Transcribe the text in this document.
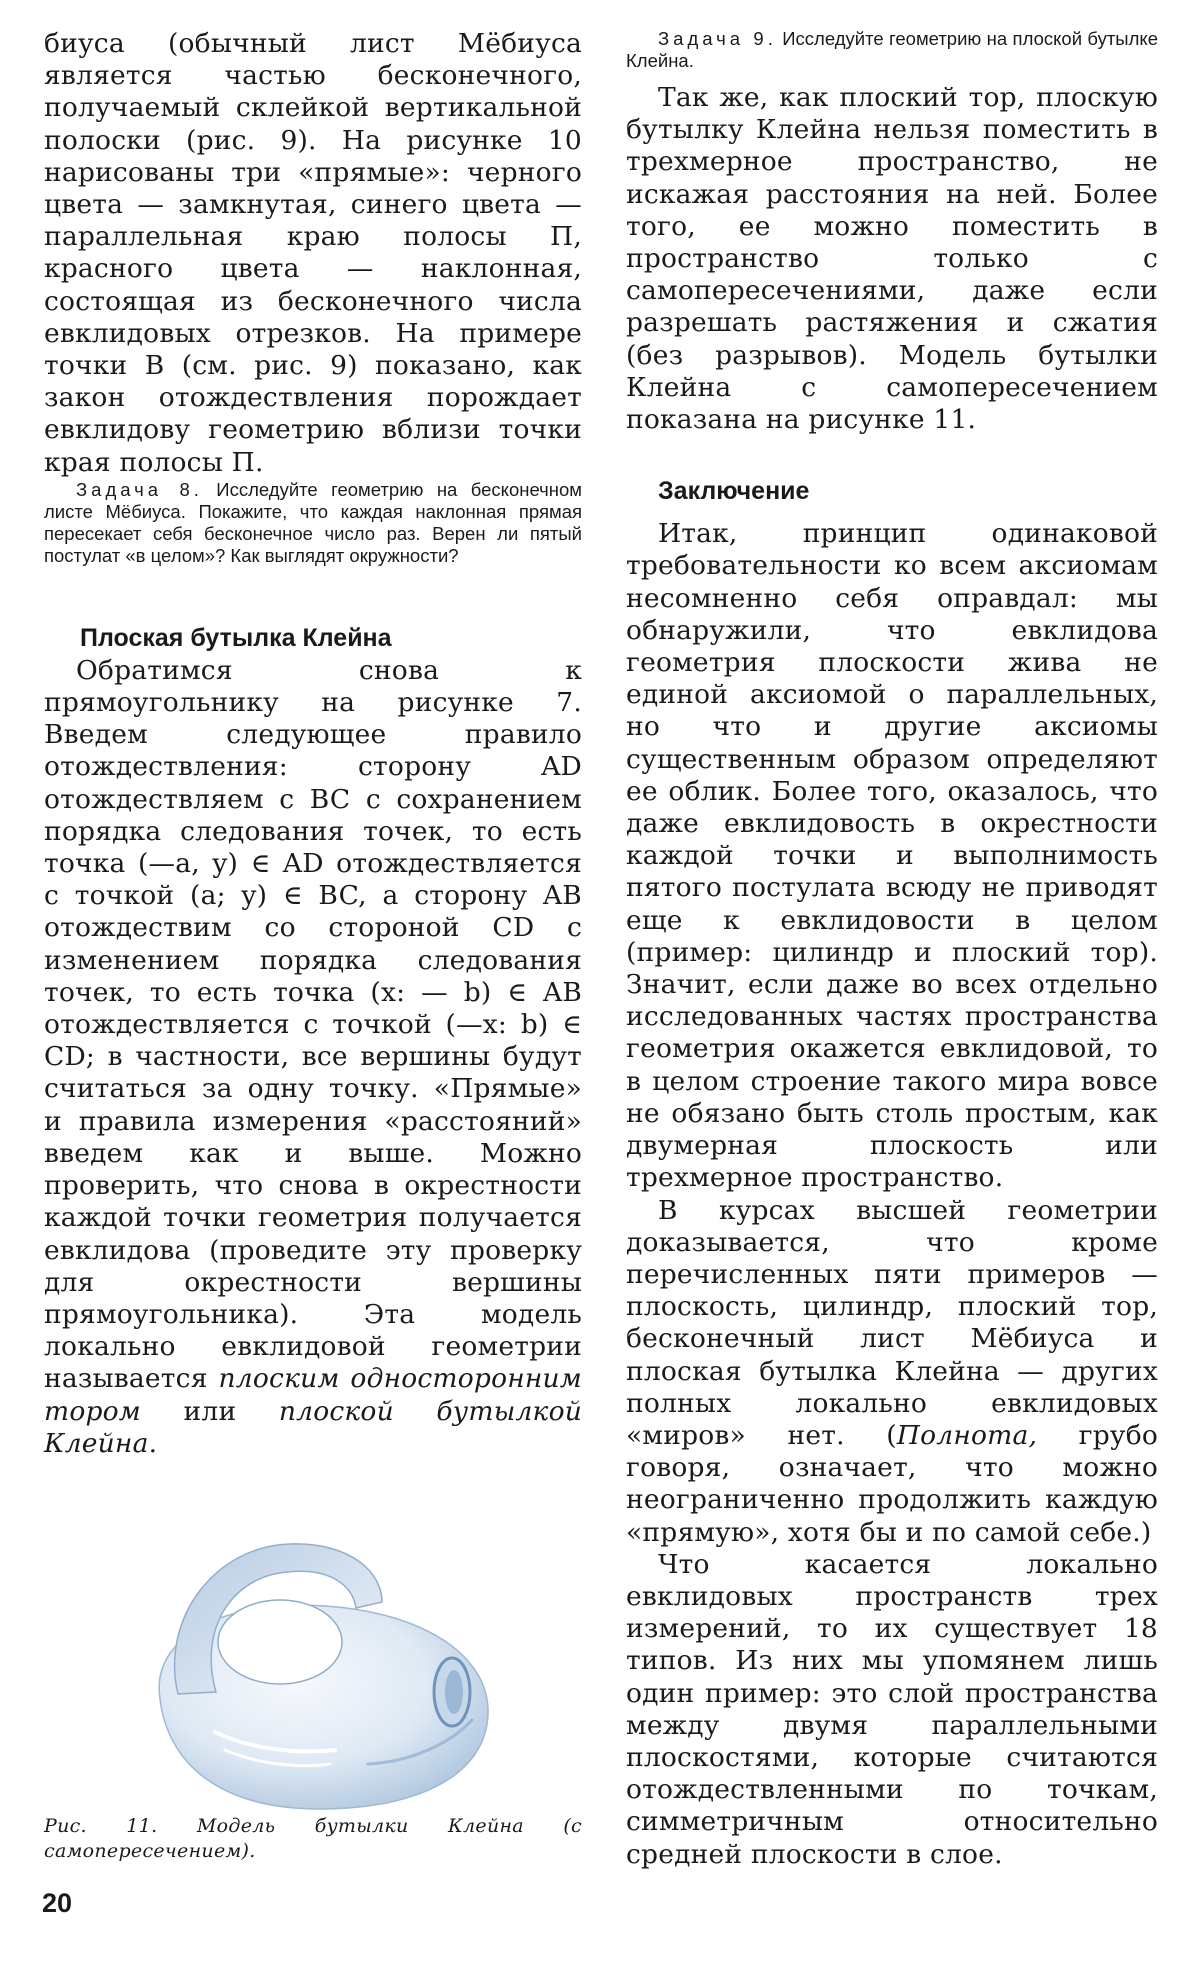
биуса (обычный лист Мёбиуса является частью бесконечного, получаемый склейкой вертикальной полоски (рис. 9). На рисунке 10 нарисованы три «прямые»: черного цвета — замкнутая, синего цвета — параллельная краю полосы П, красного цвета — наклонная, состоящая из бесконечного числа евклидовых отрезков. На примере точки B (см. рис. 9) показано, как закон отождествления порождает евклидову геометрию вблизи точки края полосы П.

Задача 8. Исследуйте геометрию на бесконечном листе Мёбиуса. Покажите, что каждая наклонная прямая пересекает себя бесконечное число раз. Верен ли пятый постулат «в целом»? Как выглядят окружности?

Плоская бутылка Клейна

Обратимся снова к прямоугольнику на рисунке 7. Введем следующее правило отождествления: сторону AD отождествляем с BC с сохранением порядка следования точек, то есть точка (—a, y) ∈ AD отождествляется с точкой (a; y) ∈ BC, а сторону AB отождествим со стороной CD с изменением порядка следования точек, то есть точка (x: — b) ∈ AB отождествляется с точкой (—x: b) ∈ CD; в частности, все вершины будут считаться за одну точку. «Прямые» и правила измерения «расстояний» введем как и выше. Можно проверить, что снова в окрестности каждой точки геометрия получается евклидова (проведите эту проверку для окрестности вершины прямоугольника). Эта модель локально евклидовой геометрии называется плоским односторонним тором или плоской бутылкой Клейна.

Рис. 11. Модель бутылки Клейна (с самопересечением).

Задача 9. Исследуйте геометрию на плоской бутылке Клейна.

Так же, как плоский тор, плоскую бутылку Клейна нельзя поместить в трехмерное пространство, не искажая расстояния на ней. Более того, ее можно поместить в пространство только с самопересечениями, даже если разрешать растяжения и сжатия (без разрывов). Модель бутылки Клейна с самопересечением показана на рисунке 11.

Заключение

Итак, принцип одинаковой требовательности ко всем аксиомам несомненно себя оправдал: мы обнаружили, что евклидова геометрия плоскости жива не единой аксиомой о параллельных, но что и другие аксиомы существенным образом определяют ее облик. Более того, оказалось, что даже евклидовость в окрестности каждой точки и выполнимость пятого постулата всюду не приводят еще к евклидовости в целом (пример: цилиндр и плоский тор). Значит, если даже во всех отдельно исследованных частях пространства геометрия окажется евклидовой, то в целом строение такого мира вовсе не обязано быть столь простым, как двумерная плоскость или трехмерное пространство.

В курсах высшей геометрии доказывается, что кроме перечисленных пяти примеров — плоскость, цилиндр, плоский тор, бесконечный лист Мёбиуса и плоская бутылка Клейна — других полных локально евклидовых «миров» нет. (Полнота, грубо говоря, означает, что можно неограниченно продолжить каждую «прямую», хотя бы и по самой себе.)

Что касается локально евклидовых пространств трех измерений, то их существует 18 типов. Из них мы упомянем лишь один пример: это слой пространства между двумя параллельными плоскостями, которые считаются отождествленными по точкам, симметричным относительно средней плоскости в слое.

20
